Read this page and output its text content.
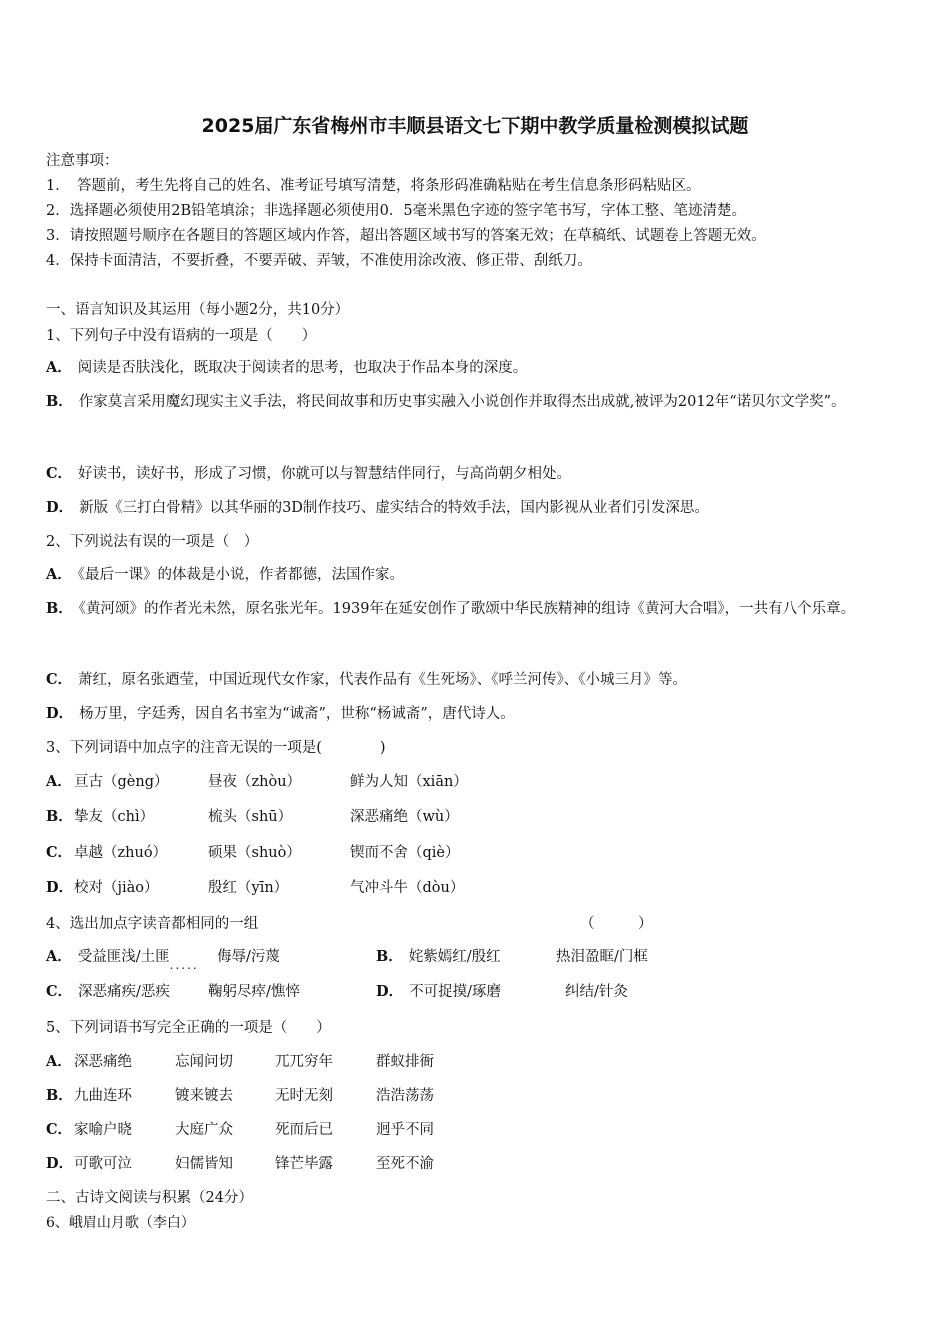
2025届广东省梅州市丰顺县语文七下期中教学质量检测模拟试题
注意事项：
1．　答题前，考生先将自己的姓名、准考证号填写清楚，将条形码准确粘贴在考生信息条形码粘贴区。
2．选择题必须使用2B铅笔填涂；非选择题必须使用0．5毫米黑色字迹的签字笔书写，字体工整、笔迹清楚。
3．请按照题号顺序在各题目的答题区域内作答，超出答题区域书写的答案无效；在草稿纸、试题卷上答题无效。
4．保持卡面清洁，不要折叠，不要弄破、弄皱，不准使用涂改液、修正带、刮纸刀。
一、语言知识及其运用（每小题2分，共10分）
1、下列句子中没有语病的一项是（　　）
A． 阅读是否肤浅化，既取决于阅读者的思考，也取决于作品本身的深度。
B． 作家莫言采用魔幻现实主义手法，将民间故事和历史事实融入小说创作并取得杰出成就,被评为2012年“诺贝尔文学奖”。
C． 好读书，读好书，形成了习惯，你就可以与智慧结伴同行，与高尚朝夕相处。
D． 新版《三打白骨精》以其华丽的3D制作技巧、虚实结合的特效手法，国内影视从业者们引发深思。
2、下列说法有误的一项是（　）
A． 《最后一课》的体裁是小说，作者都德，法国作家。
B． 《黄河颂》的作者光未然，原名张光年。1939年在延安创作了歌颂中华民族精神的组诗《黄河大合唱》，一共有八个乐章。
C． 萧红，原名张迺莹，中国近现代女作家，代表作品有《生死场》、《呼兰河传》、《小城三月》等。
D． 杨万里，字廷秀，因自名书室为“诚斋”，世称“杨诚斋”，唐代诗人。
3、下列词语中加点字的注音无误的一项是(　　　　)
A． 亘古（gèng）	昼夜（zhòu）	鲜为人知（xiān）
B． 挚友（chì）	梳头（shū）	深恶痛绝（wù）
C． 卓越（zhuó）	硕果（shuò）	锲而不舍（qiè）
D． 校对（jiào）	殷红（yīn）	气冲斗牛（dòu）
4、选出加点字读音都相同的一组	（　　　）
A． 受益匪浅/土匪..... 侮辱/污蔑	B． 姹紫嫣红/殷红	热泪盈眶/门框
C． 深恶痛疾/恶疾	鞠躬尽瘁/憔悴	D． 不可捉摸/琢磨	纠结/针灸
5、下列词语书写完全正确的一项是（　　）
A． 深恶痛绝	忘闻问切	兀兀穷年	群蚁排衙
B． 九曲连环	镀来镀去	无时无刻	浩浩荡荡
C． 家喻户晓	大庭广众	死而后已	迥乎不同
D． 可歌可泣	妇儒皆知	锋芒毕露	至死不渝
二、古诗文阅读与积累（24分）
6、峨眉山月歌（李白）
